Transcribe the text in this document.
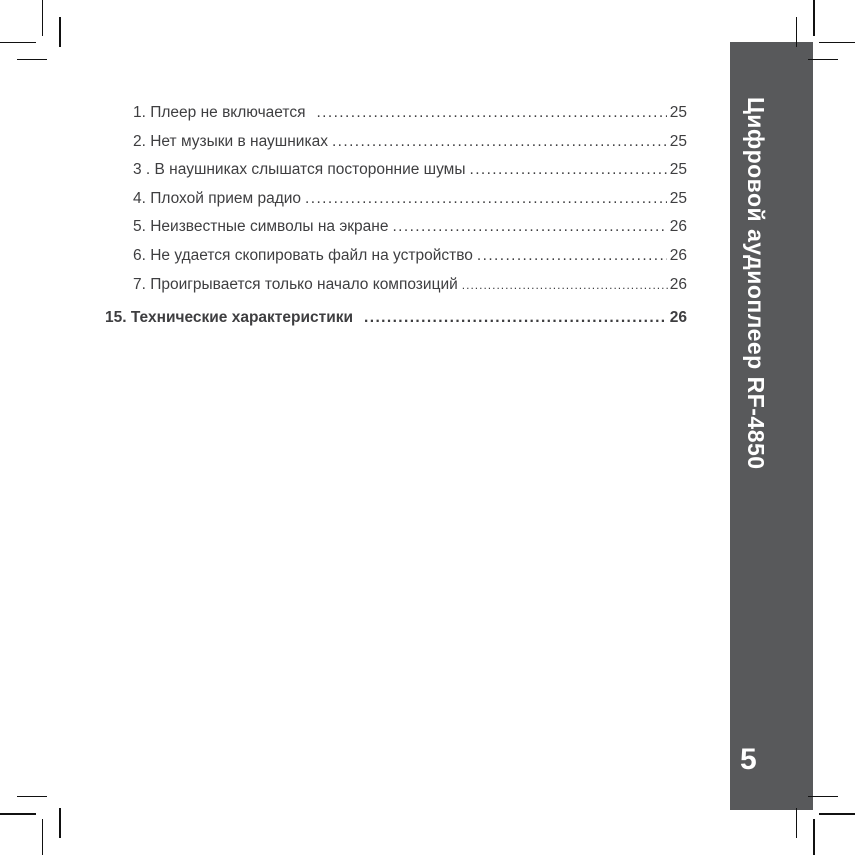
1. Плеер не включается .....	25
2. Нет музыки в наушниках .....	25
3 . В наушниках слышатся посторонние шумы .....	25
4. Плохой прием радио .....	25
5. Неизвестные символы на экране .....	26
6. Не удается скопировать файл на устройство .....	26
7. Проигрывается только начало композиций .....	26
15. Технические характеристики .....	26 Цифровой аудиоплеер RF-4850
5
